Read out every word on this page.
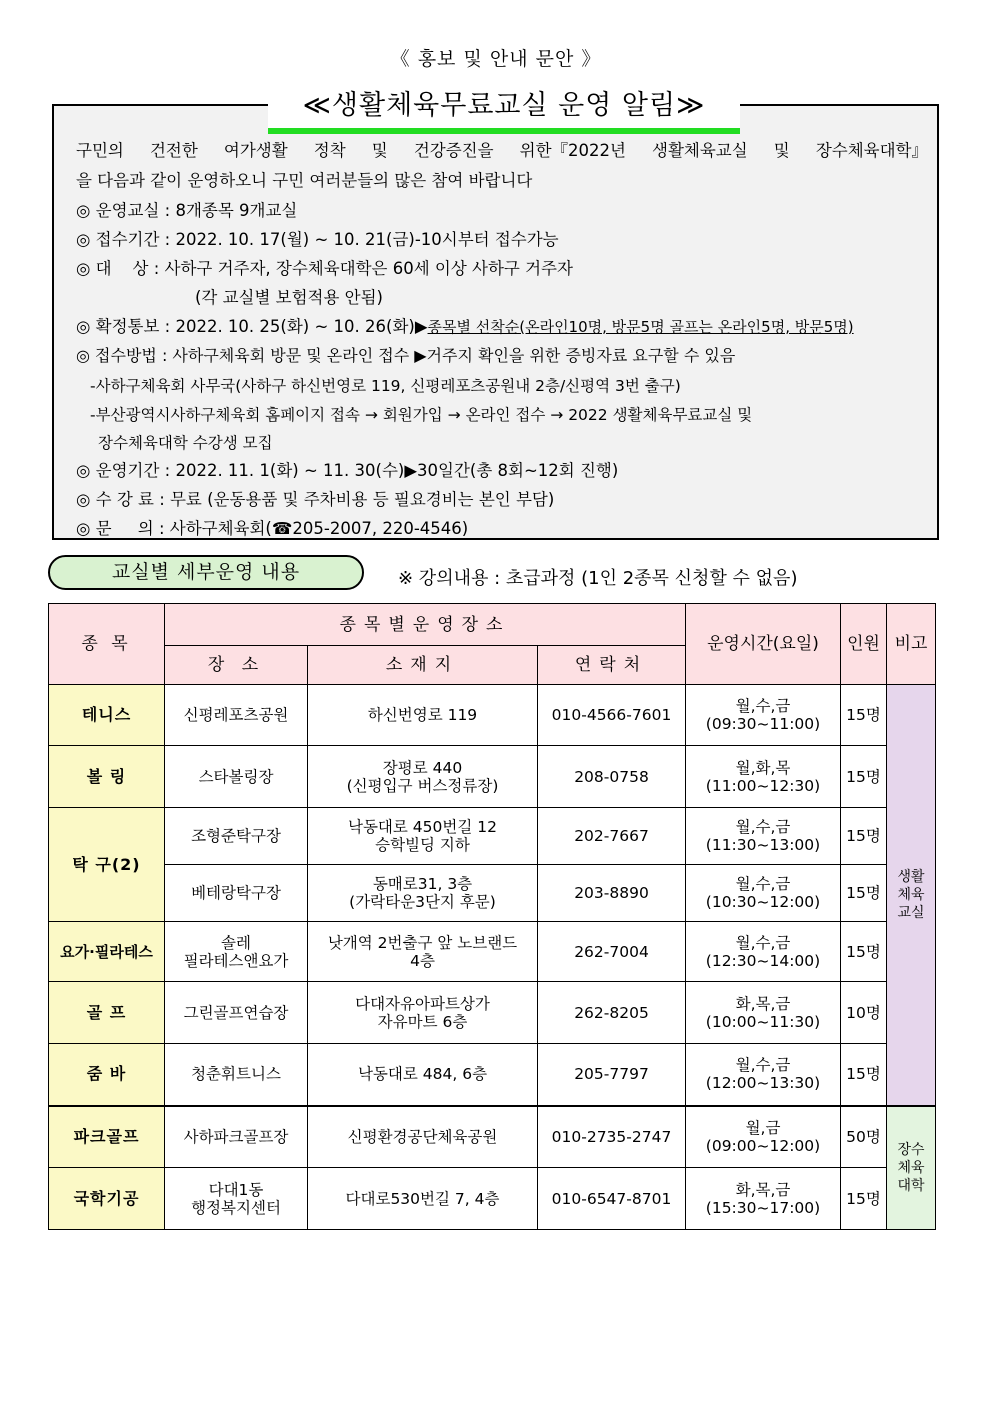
《 홍보 및 안내 문안 》
≪생활체육무료교실 운영 알림≫
구민의 건전한 여가생활 정착 및 건강증진을 위한『2022년 생활체육교실 및 장수체육대학』
을 다음과 같이 운영하오니 구민 여러분들의 많은 참여 바랍니다
◎ 운영교실 : 8개종목 9개교실
◎ 접수기간 : 2022. 10. 17(월) ~ 10. 21(금)-10시부터 접수가능
◎ 대    상 : 사하구 거주자, 장수체육대학은 60세 이상 사하구 거주자
(각 교실별 보험적용 안됨)
◎ 확정통보 : 2022. 10. 25(화) ~ 10. 26(화)▶종목별 선착순(온라인10명, 방문5명 골프는 온라인5명, 방문5명)
◎ 접수방법 : 사하구체육회 방문 및 온라인 접수 ▶거주지 확인을 위한 증빙자료 요구할 수 있음
-사하구체육회 사무국(사하구 하신번영로 119, 신평레포츠공원내 2층/신평역 3번 출구)
-부산광역시사하구체육회 홈페이지 접속 → 회원가입 → 온라인 접수 → 2022 생활체육무료교실 및
장수체육대학 수강생 모집
◎ 운영기간 : 2022. 11. 1(화) ~ 11. 30(수)▶30일간(총 8회~12회 진행)
◎ 수 강 료 : 무료 (운동용품 및 주차비용 등 필요경비는 본인 부담)
◎ 문     의 : 사하구체육회(☎205-2007, 220-4546)
교실별 세부운영 내용	※ 강의내용 : 초급과정 (1인 2종목 신청할 수 없음)
종 목	종목별운영장소			운영시간(요일)	인원	비고
	장 소	소재지	연락처			
테니스	신평레포츠공원	하신번영로 119	010-4566-7601	월,수,금
(09:30~11:00)	15명	생활
체육
교실
볼 링	스타볼링장	장평로 440
(신평입구 버스정류장)	208-0758	월,화,목
(11:00~12:30)	15명	
탁 구(2)	조형준탁구장	낙동대로 450번길 12
승학빌딩 지하	202-7667	월,수,금
(11:30~13:00)	15명	
	베테랑탁구장	동매로31, 3층
(가락타운3단지 후문)	203-8890	월,수,금
(10:30~12:00)	15명	
요가·필라테스	솔레
필라테스앤요가	낫개역 2번출구 앞 노브랜드
4층	262-7004	월,수,금
(12:30~14:00)	15명	
골 프	그린골프연습장	다대자유아파트상가
자유마트 6층	262-8205	화,목,금
(10:00~11:30)	10명	
줌 바	청춘휘트니스	낙동대로 484, 6층	205-7797	월,수,금
(12:00~13:30)	15명	
파크골프	사하파크골프장	신평환경공단체육공원	010-2735-2747	월,금
(09:00~12:00)	50명	장수
체육
대학
국학기공	다대1동
행정복지센터	다대로530번길 7, 4층	010-6547-8701	화,목,금
(15:30~17:00)	15명	
